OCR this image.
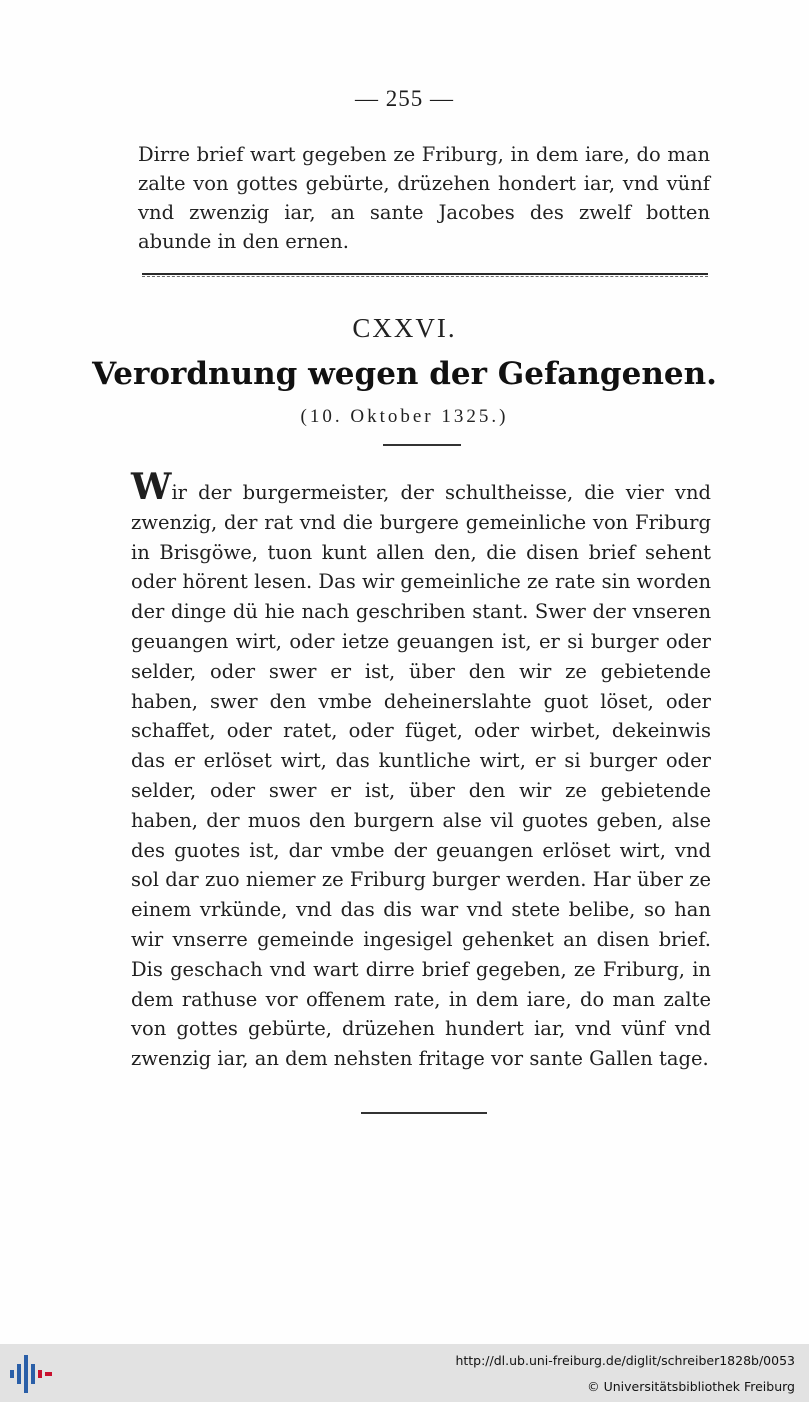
— 255 —
Dirre brief wart gegeben ze Friburg, in dem iare, do man zalte von gottes gebürte, drüzehen hondert iar, vnd vünf vnd zwenzig iar, an sante Jacobes des zwelf botten abunde in den ernen.
CXXVI.
Verordnung wegen der Gefangenen.
(10. Oktober 1325.)
Wir der burgermeister, der schultheisse, die vier vnd zwenzig, der rat vnd die burgere gemeinliche von Friburg in Brisgöwe, tuon kunt allen den, die disen brief sehent oder hörent lesen. Das wir gemeinliche ze rate sin worden der dinge dü hie nach geschriben stant. Swer der vnseren geuangen wirt, oder ietze geuangen ist, er si burger oder selder, oder swer er ist, über den wir ze gebietende haben, swer den vmbe deheinerslahte guot löset, oder schaffet, oder ratet, oder füget, oder wirbet, dekeinwis das er erlöset wirt, das kuntliche wirt, er si burger oder selder, oder swer er ist, über den wir ze gebietende haben, der muos den burgern alse vil guotes geben, alse des guotes ist, dar vmbe der geuangen erlöset wirt, vnd sol dar zuo niemer ze Friburg burger werden. Har über ze einem vrkünde, vnd das dis war vnd stete belibe, so han wir vnserre gemeinde ingesigel gehenket an disen brief. Dis geschach vnd wart dirre brief gegeben, ze Friburg, in dem rathuse vor offenem rate, in dem iare, do man zalte von gottes gebürte, drüzehen hundert iar, vnd vünf vnd zwenzig iar, an dem nehsten fritage vor sante Gallen tage.
http://dl.ub.uni-freiburg.de/diglit/schreiber1828b/0053
© Universitätsbibliothek Freiburg
